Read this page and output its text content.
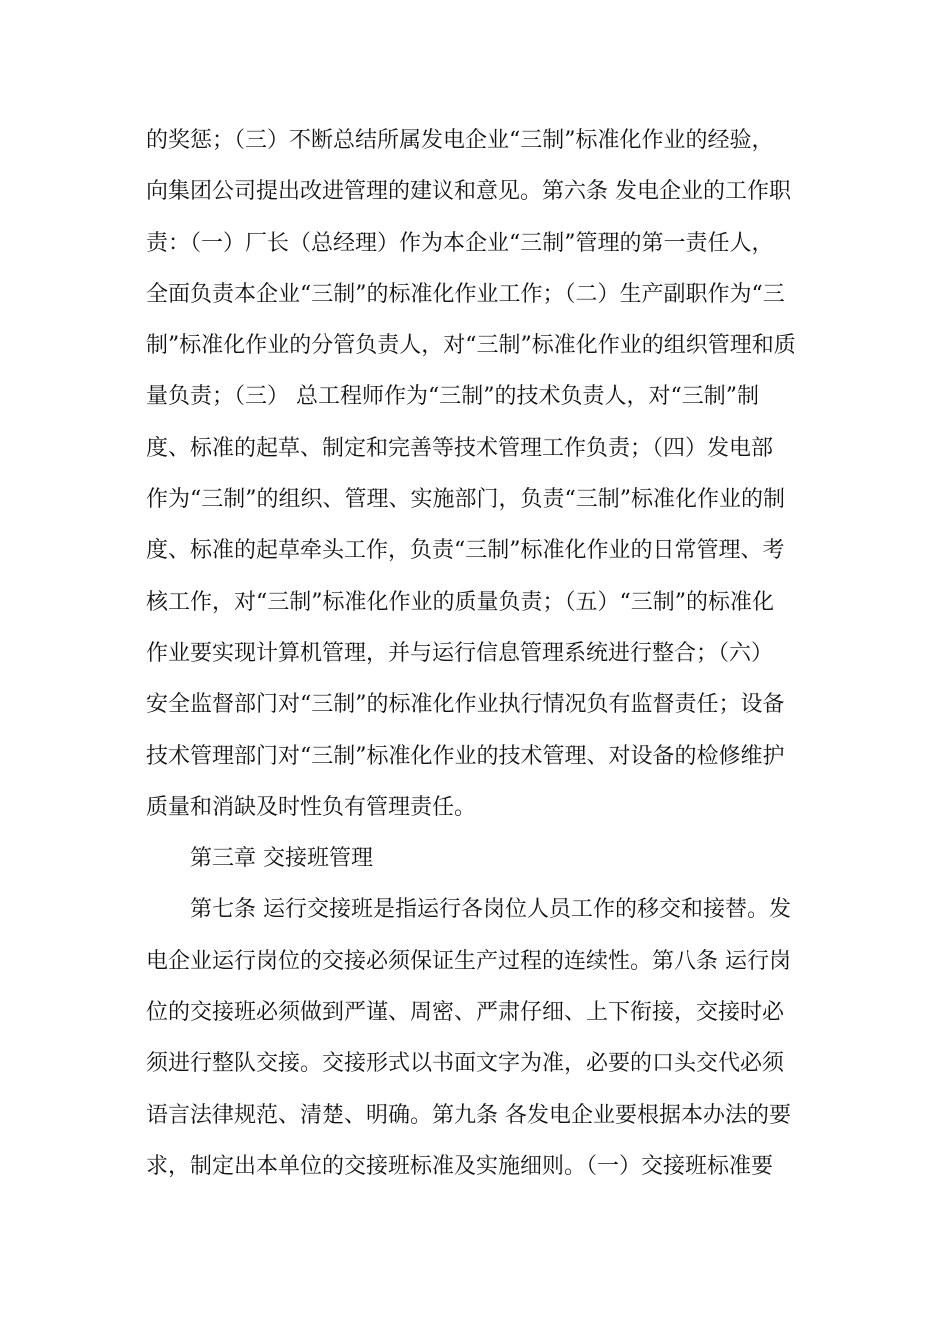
的奖惩；（三）不断总结所属发电企业“三制”标准化作业的经验，
向集团公司提出改进管理的建议和意见。第六条 发电企业的工作职
责：（一）厂长（总经理）作为本企业“三制”管理的第一责任人，
全面负责本企业“三制”的标准化作业工作；（二）生产副职作为“三
制”标准化作业的分管负责人，对“三制”标准化作业的组织管理和质
量负责；（三） 总工程师作为“三制”的技术负责人，对“三制”制
度、标准的起草、制定和完善等技术管理工作负责；（四）发电部
作为“三制”的组织、管理、实施部门，负责“三制”标准化作业的制
度、标准的起草牵头工作，负责“三制”标准化作业的日常管理、考
核工作，对“三制”标准化作业的质量负责；（五）“三制”的标准化
作业要实现计算机管理，并与运行信息管理系统进行整合；（六）
安全监督部门对“三制”的标准化作业执行情况负有监督责任；设备
技术管理部门对“三制”标准化作业的技术管理、对设备的检修维护
质量和消缺及时性负有管理责任。
第三章 交接班管理
第七条 运行交接班是指运行各岗位人员工作的移交和接替。发
电企业运行岗位的交接必须保证生产过程的连续性。第八条 运行岗
位的交接班必须做到严谨、周密、严肃仔细、上下衔接，交接时必
须进行整队交接。交接形式以书面文字为准，必要的口头交代必须
语言法律规范、清楚、明确。第九条 各发电企业要根据本办法的要
求，制定出本单位的交接班标准及实施细则。（一）交接班标准要
